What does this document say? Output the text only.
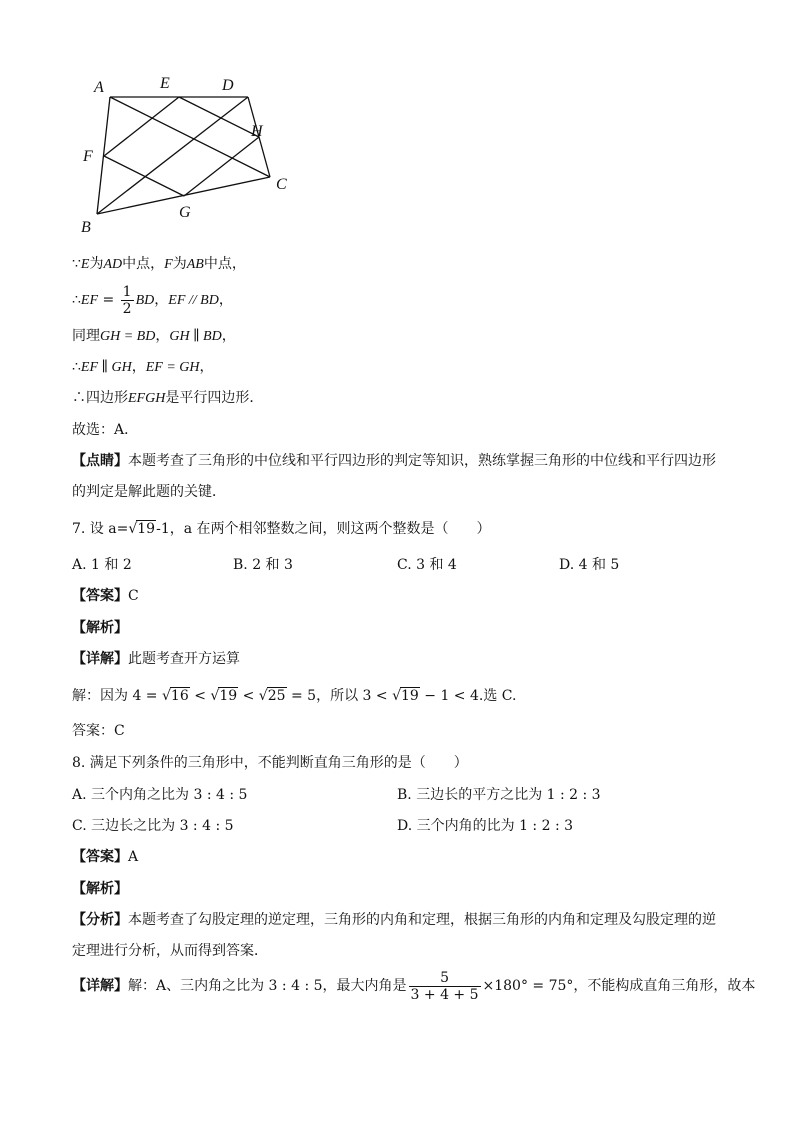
A	E	D
H
F
C
G
B
∵E为AD中点，F为AB中点，
∴EF = $\frac{1}{2}$ BD，EF // BD，
同理GH = BD，GH ∥ BD，
∴EF ∥ GH，EF = GH，
∴四边形EFGH是平行四边形．
故选：A．
【点睛】本题考查了三角形的中位线和平行四边形的判定等知识，熟练掌握三角形的中位线和平行四边形
的判定是解此题的关键．
7. 设 a=√19-1，a 在两个相邻整数之间，则这两个整数是（　　）
A. 1 和 2	B. 2 和 3	C. 3 和 4	D. 4 和 5
【答案】C
【解析】
【详解】此题考查开方运算
解：因为 4 = √16 < √19 < √25 = 5，所以 3 < √19 − 1 < 4.选 C.
答案：C
8. 满足下列条件的三角形中，不能判断直角三角形的是（　　）
A. 三个内角之比为 3 : 4 : 5	B. 三边长的平方之比为 1 : 2 : 3
C. 三边长之比为 3 : 4 : 5	D. 三个内角的比为 1 : 2 : 3
【答案】A
【解析】
【分析】本题考查了勾股定理的逆定理，三角形的内角和定理，根据三角形的内角和定理及勾股定理的逆
定理进行分析，从而得到答案．
【详解】解：A、三内角之比为 3 : 4 : 5，最大内角是 $\frac{5}{3 + 4 + 5} \times 180^\circ = 75^\circ$，不能构成直角三角形，故本
